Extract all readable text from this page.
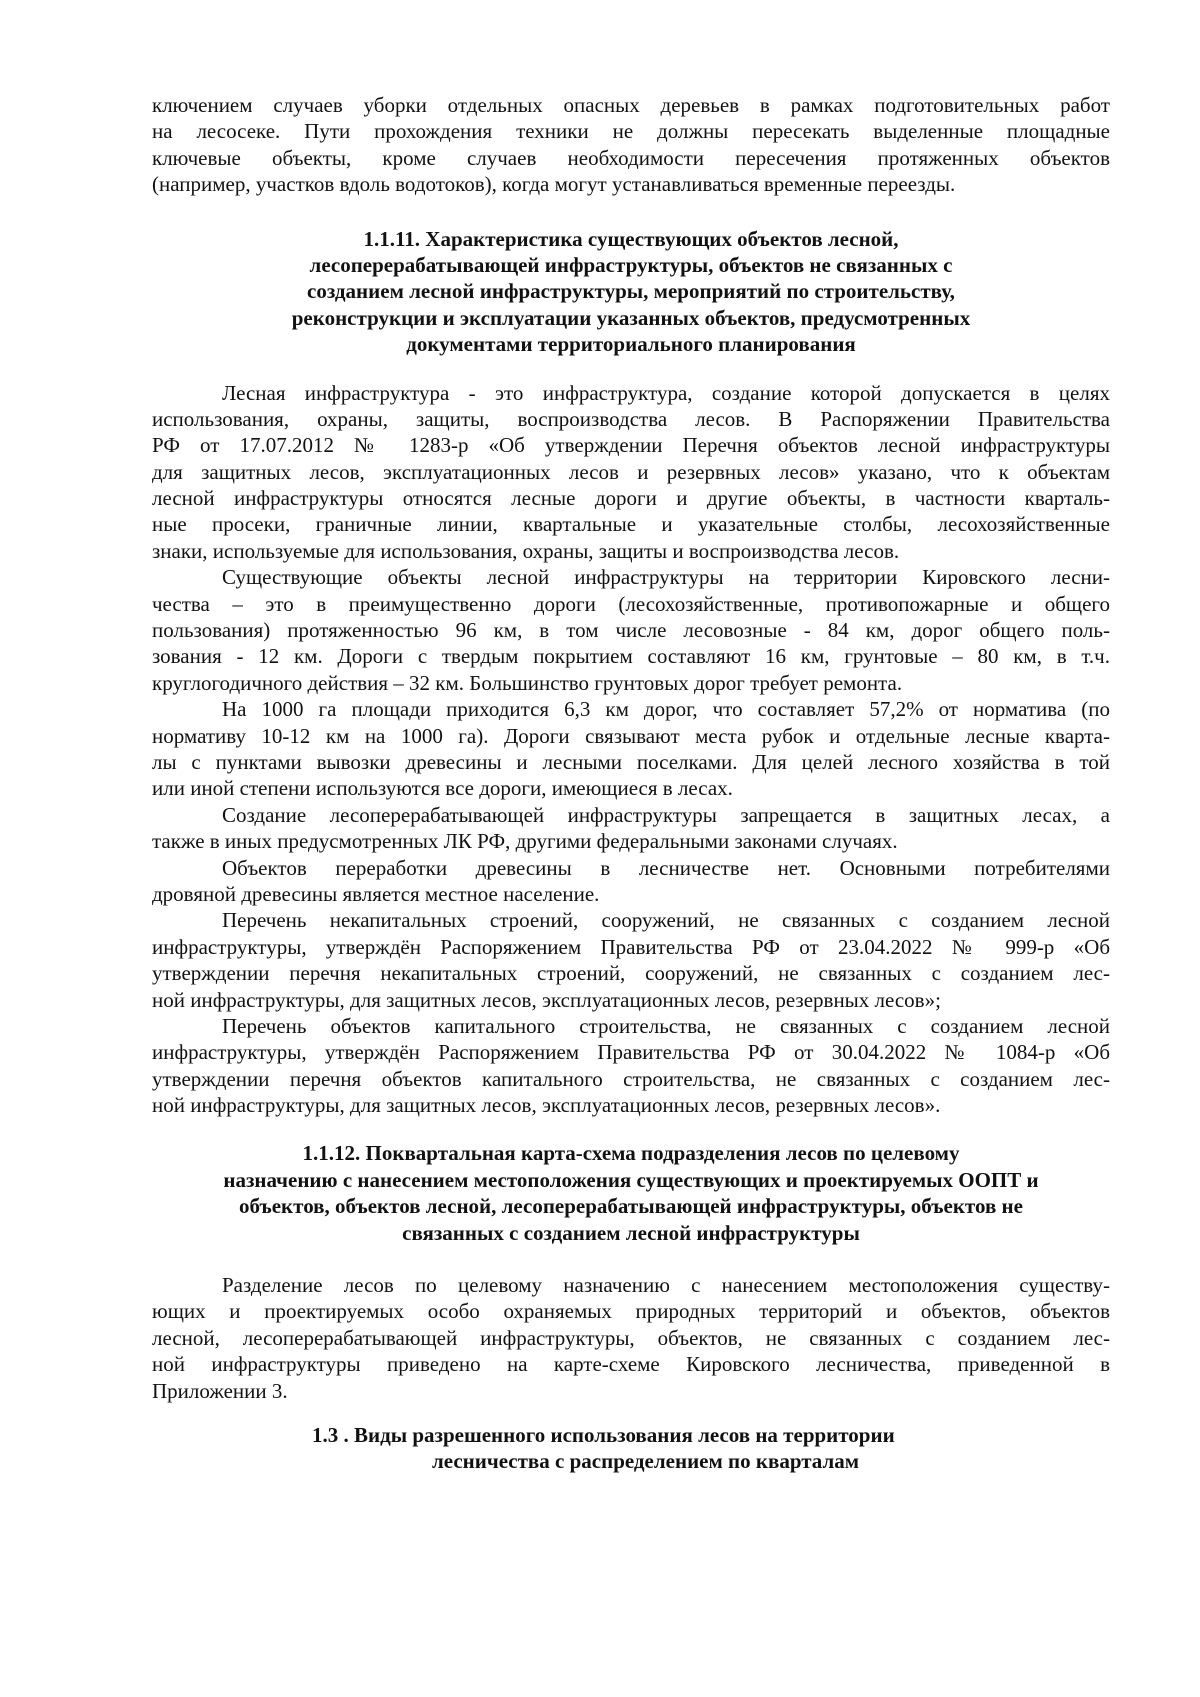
ключением случаев уборки отдельных опасных деревьев в рамках подготовительных работ
на лесосеке. Пути прохождения техники не должны пересекать выделенные площадные
ключевые объекты, кроме случаев необходимости пересечения протяженных объектов
(например, участков вдоль водотоков), когда могут устанавливаться временные переезды.
1.1.11. Характеристика существующих объектов лесной,
лесоперерабатывающей инфраструктуры, объектов не связанных с
созданием лесной инфраструктуры, мероприятий по строительству,
реконструкции и эксплуатации указанных объектов, предусмотренных
документами территориального планирования
Лесная инфраструктура - это инфраструктура, создание которой допускается в целях
использования, охраны, защиты, воспроизводства лесов. В Распоряжении Правительства
РФ от 17.07.2012 № 1283-р «Об утверждении Перечня объектов лесной инфраструктуры
для защитных лесов, эксплуатационных лесов и резервных лесов» указано, что к объектам
лесной инфраструктуры относятся лесные дороги и другие объекты, в частности кварталь-
ные просеки, граничные линии, квартальные и указательные столбы, лесохозяйственные
знаки, используемые для использования, охраны, защиты и воспроизводства лесов.
Существующие объекты лесной инфраструктуры на территории Кировского лесни-
чества – это в преимущественно дороги (лесохозяйственные, противопожарные и общего
пользования) протяженностью 96 км, в том числе лесовозные - 84 км, дорог общего поль-
зования - 12 км. Дороги с твердым покрытием составляют 16 км, грунтовые – 80 км, в т.ч.
круглогодичного действия – 32 км. Большинство грунтовых дорог требует ремонта.
На 1000 га площади приходится 6,3 км дорог, что составляет 57,2% от норматива (по
нормативу 10-12 км на 1000 га). Дороги связывают места рубок и отдельные лесные кварта-
лы с пунктами вывозки древесины и лесными поселками. Для целей лесного хозяйства в той
или иной степени используются все дороги, имеющиеся в лесах.
Создание лесоперерабатывающей инфраструктуры запрещается в защитных лесах, а
также в иных предусмотренных ЛК РФ, другими федеральными законами случаях.
Объектов переработки древесины в лесничестве нет. Основными потребителями
дровяной древесины является местное население.
Перечень некапитальных строений, сооружений, не связанных с созданием лесной
инфраструктуры, утверждён Распоряжением Правительства РФ от 23.04.2022 № 999-р «Об
утверждении перечня некапитальных строений, сооружений, не связанных с созданием лес-
ной инфраструктуры, для защитных лесов, эксплуатационных лесов, резервных лесов»;
Перечень объектов капитального строительства, не связанных с созданием лесной
инфраструктуры, утверждён Распоряжением Правительства РФ от 30.04.2022 № 1084-р «Об
утверждении перечня объектов капитального строительства, не связанных с созданием лес-
ной инфраструктуры, для защитных лесов, эксплуатационных лесов, резервных лесов».
1.1.12. Поквартальная карта-схема подразделения лесов по целевому
назначению с нанесением местоположения существующих и проектируемых ООПТ и
объектов, объектов лесной, лесоперерабатывающей инфраструктуры, объектов не
связанных с созданием лесной инфраструктуры
Разделение лесов по целевому назначению с нанесением местоположения существу-
ющих и проектируемых особо охраняемых природных территорий и объектов, объектов
лесной, лесоперерабатывающей инфраструктуры, объектов, не связанных с созданием лес-
ной инфраструктуры приведено на карте-схеме Кировского лесничества, приведенной в
Приложении 3.
1.3 . Виды разрешенного использования лесов на территории
лесничества с распределением по кварталам
